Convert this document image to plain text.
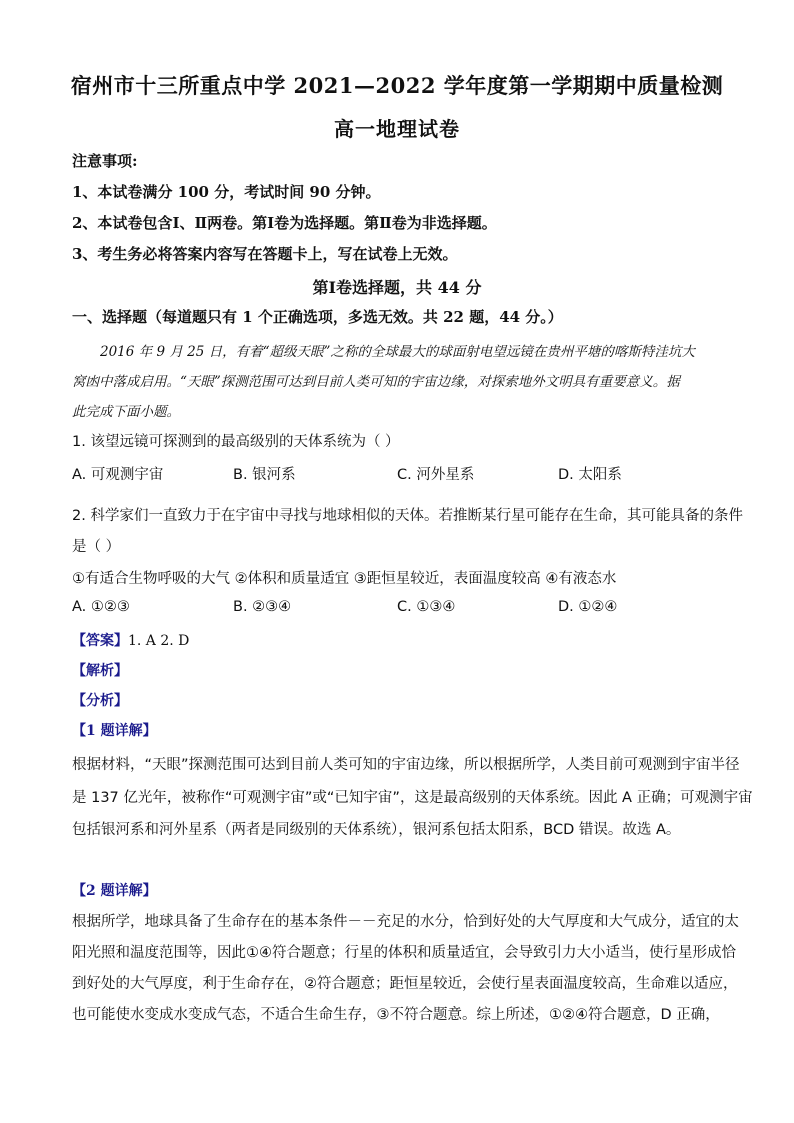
宿州市十三所重点中学 2021—2022 学年度第一学期期中质量检测
高一地理试卷
注意事项:
1、本试卷满分 100 分，考试时间 90 分钟。
2、本试卷包含Ⅰ、Ⅱ两卷。第Ⅰ卷为选择题。第Ⅱ卷为非选择题。
3、考生务必将答案内容写在答题卡上，写在试卷上无效。
第Ⅰ卷选择题，共 44 分
一、选择题（每道题只有 1 个正确选项，多选无效。共 22 题，44 分。）
2016 年 9 月 25 日，有着“超级天眼”之称的全球最大的球面射电望远镜在贵州平塘的喀斯特洼坑大
窝凼中落成启用。“天眼”探测范围可达到目前人类可知的宇宙边缘，对探索地外文明具有重要意义。据
此完成下面小题。
1. 该望远镜可探测到的最高级别的天体系统为（ ）
A. 可观测宇宙	B. 银河系	C. 河外星系	D. 太阳系
2. 科学家们一直致力于在宇宙中寻找与地球相似的天体。若推断某行星可能存在生命，其可能具备的条件
是（ ）
①有适合生物呼吸的大气 ②体积和质量适宜 ③距恒星较近，表面温度较高 ④有液态水
A. ①②③	B. ②③④	C. ①③④	D. ①②④
【答案】1. A 2. D
【解析】
【分析】
【1 题详解】
根据材料，“天眼”探测范围可达到目前人类可知的宇宙边缘，所以根据所学，人类目前可观测到宇宙半径
是 137 亿光年，被称作“可观测宇宙”或“已知宇宙”，这是最高级别的天体系统。因此 A 正确；可观测宇宙
包括银河系和河外星系（两者是同级别的天体系统），银河系包括太阳系，BCD 错误。故选 A。
【2 题详解】
根据所学，地球具备了生命存在的基本条件－－充足的水分，恰到好处的大气厚度和大气成分，适宜的太
阳光照和温度范围等，因此①④符合题意；行星的体积和质量适宜，会导致引力大小适当，使行星形成恰
到好处的大气厚度，利于生命存在，②符合题意；距恒星较近，会使行星表面温度较高，生命难以适应，
也可能使水变成水变成气态，不适合生命生存，③不符合题意。综上所述，①②④符合题意，D 正确，
